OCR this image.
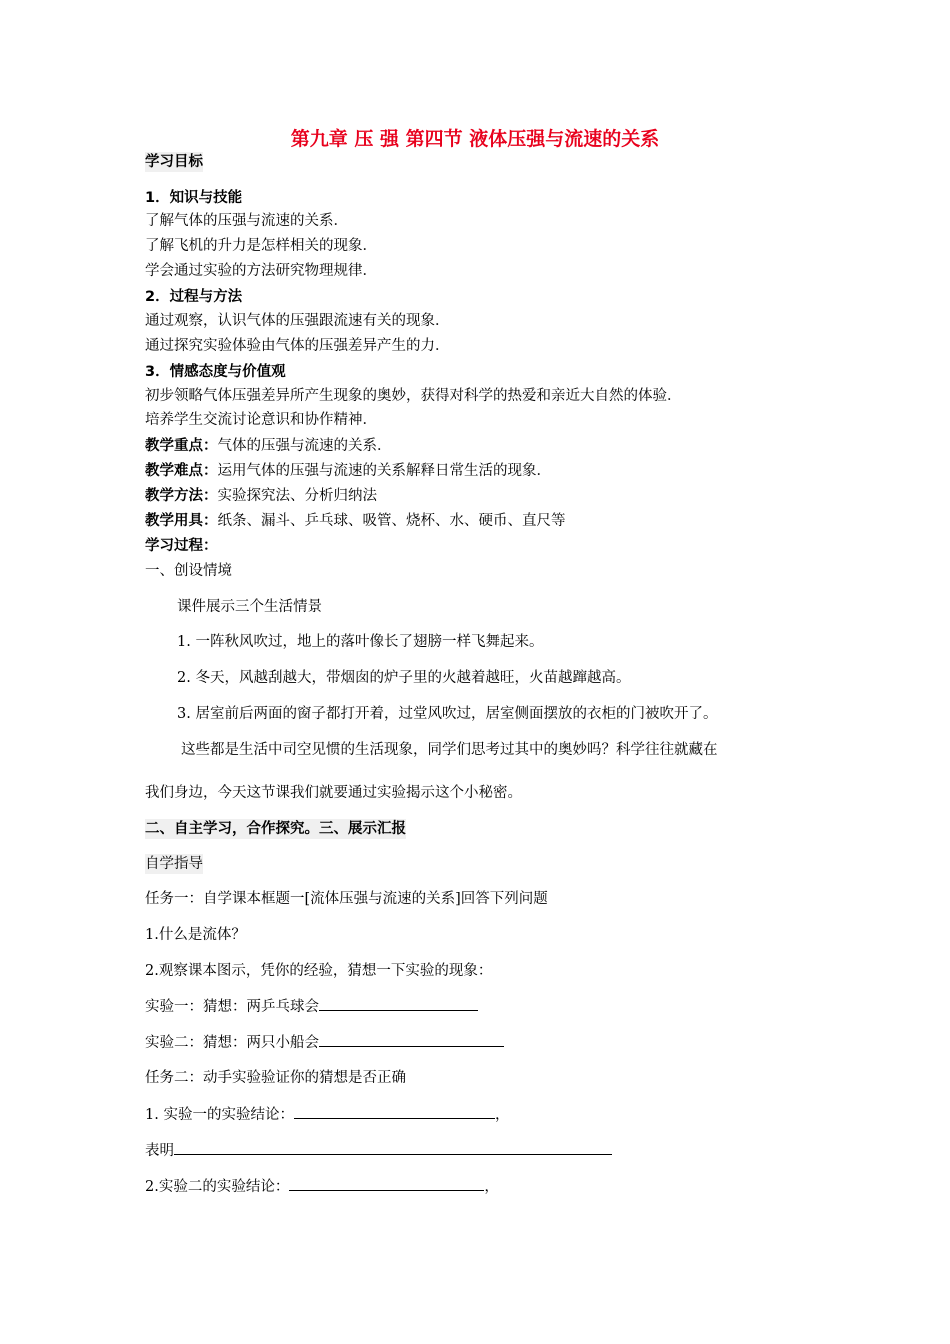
第九章 压 强 第四节 液体压强与流速的关系
学习目标
1．知识与技能
了解气体的压强与流速的关系．
了解飞机的升力是怎样相关的现象．
学会通过实验的方法研究物理规律．
2．过程与方法
通过观察，认识气体的压强跟流速有关的现象．
通过探究实验体验由气体的压强差异产生的力．
3．情感态度与价值观
初步领略气体压强差异所产生现象的奥妙，获得对科学的热爱和亲近大自然的体验．
培养学生交流讨论意识和协作精神．
教学重点：气体的压强与流速的关系．
教学难点：运用气体的压强与流速的关系解释日常生活的现象．
教学方法：实验探究法、分析归纳法
教学用具：纸条、漏斗、乒乓球、吸管、烧杯、水、硬币、直尺等
学习过程：
一、创设情境
课件展示三个生活情景
1. 一阵秋风吹过，地上的落叶像长了翅膀一样飞舞起来。
2. 冬天，风越刮越大，带烟囱的炉子里的火越着越旺，火苗越蹿越高。
3. 居室前后两面的窗子都打开着，过堂风吹过，居室侧面摆放的衣柜的门被吹开了。
这些都是生活中司空见惯的生活现象，同学们思考过其中的奥妙吗？科学往往就藏在
我们身边，今天这节课我们就要通过实验揭示这个小秘密。
二、自主学习，合作探究。三、展示汇报
自学指导
任务一：自学课本框题一[流体压强与流速的关系]回答下列问题
1.什么是流体？
2.观察课本图示，凭你的经验，猜想一下实验的现象：
实验一：猜想：两乒乓球会
实验二：猜想：两只小船会
任务二：动手实验验证你的猜想是否正确
1. 实验一的实验结论：	，
表明
2.实验二的实验结论：	，
